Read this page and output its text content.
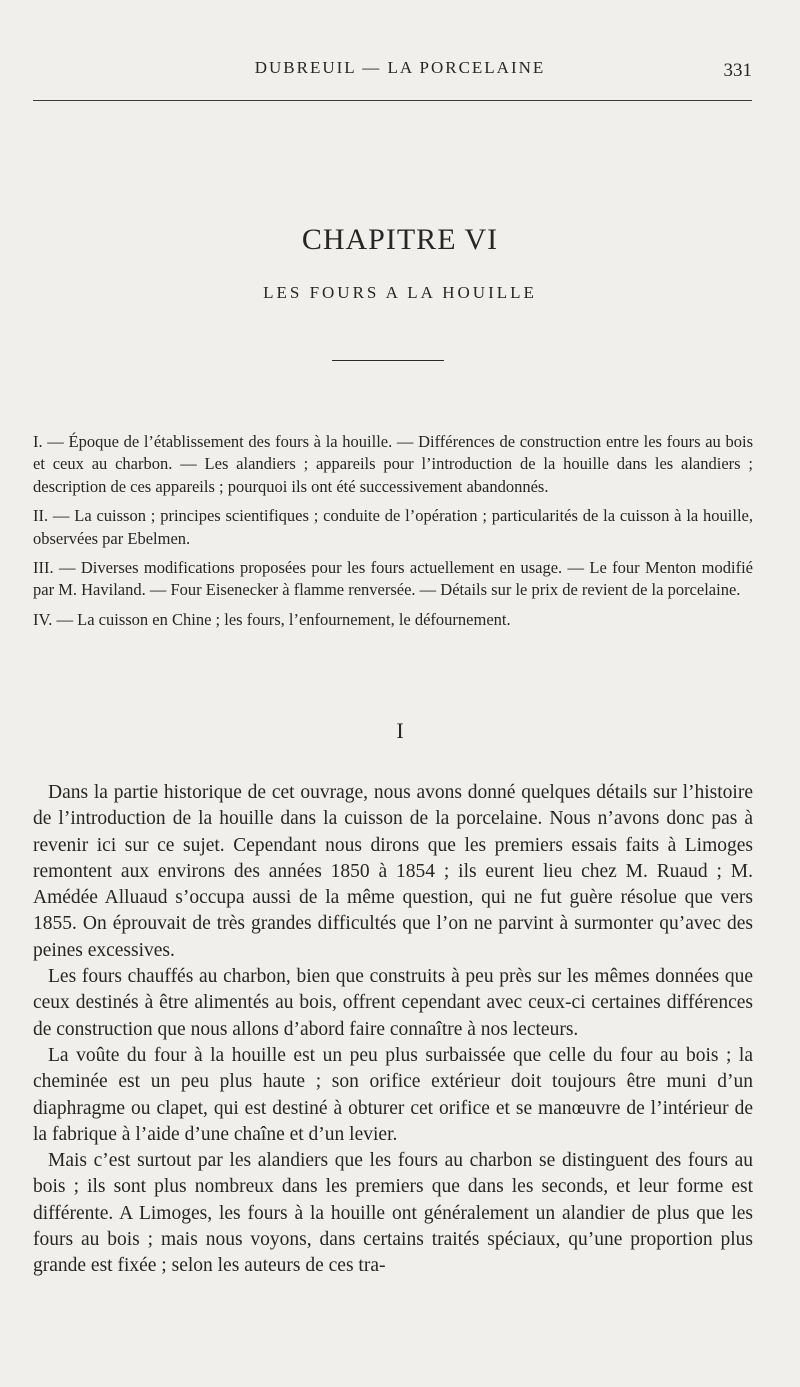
DUBREUIL — LA PORCELAINE	331
CHAPITRE VI
LES FOURS A LA HOUILLE

I. — Époque de l’établissement des fours à la houille. — Différences de construction entre les fours au bois et ceux au charbon. — Les alandiers ; appareils pour l’introduction de la houille dans les alandiers ; description de ces appareils ; pourquoi ils ont été successivement abandonnés.

II. — La cuisson ; principes scientifiques ; conduite de l’opération ; particularités de la cuisson à la houille, observées par Ebelmen.

III. — Diverses modifications proposées pour les fours actuellement en usage. — Le four Menton modifié par M. Haviland. — Four Eisenecker à flamme renversée. — Détails sur le prix de revient de la porcelaine.

IV. — La cuisson en Chine ; les fours, l’enfournement, le défournement.

I

Dans la partie historique de cet ouvrage, nous avons donné quelques détails sur l’histoire de l’introduction de la houille dans la cuisson de la porcelaine. Nous n’avons donc pas à revenir ici sur ce sujet. Cependant nous dirons que les premiers essais faits à Limoges remontent aux environs des années 1850 à 1854 ; ils eurent lieu chez M. Ruaud ; M. Amédée Alluaud s’occupa aussi de la même question, qui ne fut guère résolue que vers 1855. On éprouvait de très grandes difficultés que l’on ne parvint à surmonter qu’avec des peines excessives.

Les fours chauffés au charbon, bien que construits à peu près sur les mêmes données que ceux destinés à être alimentés au bois, offrent cependant avec ceux-ci certaines différences de construction que nous allons d’abord faire connaître à nos lecteurs.

La voûte du four à la houille est un peu plus surbaissée que celle du four au bois ; la cheminée est un peu plus haute ; son orifice extérieur doit toujours être muni d’un diaphragme ou clapet, qui est destiné à obturer cet orifice et se manœuvre de l’intérieur de la fabrique à l’aide d’une chaîne et d’un levier.

Mais c’est surtout par les alandiers que les fours au charbon se distinguent des fours au bois ; ils sont plus nombreux dans les premiers que dans les seconds, et leur forme est différente. A Limoges, les fours à la houille ont généralement un alandier de plus que les fours au bois ; mais nous voyons, dans certains traités spéciaux, qu’une proportion plus grande est fixée ; selon les auteurs de ces tra-
